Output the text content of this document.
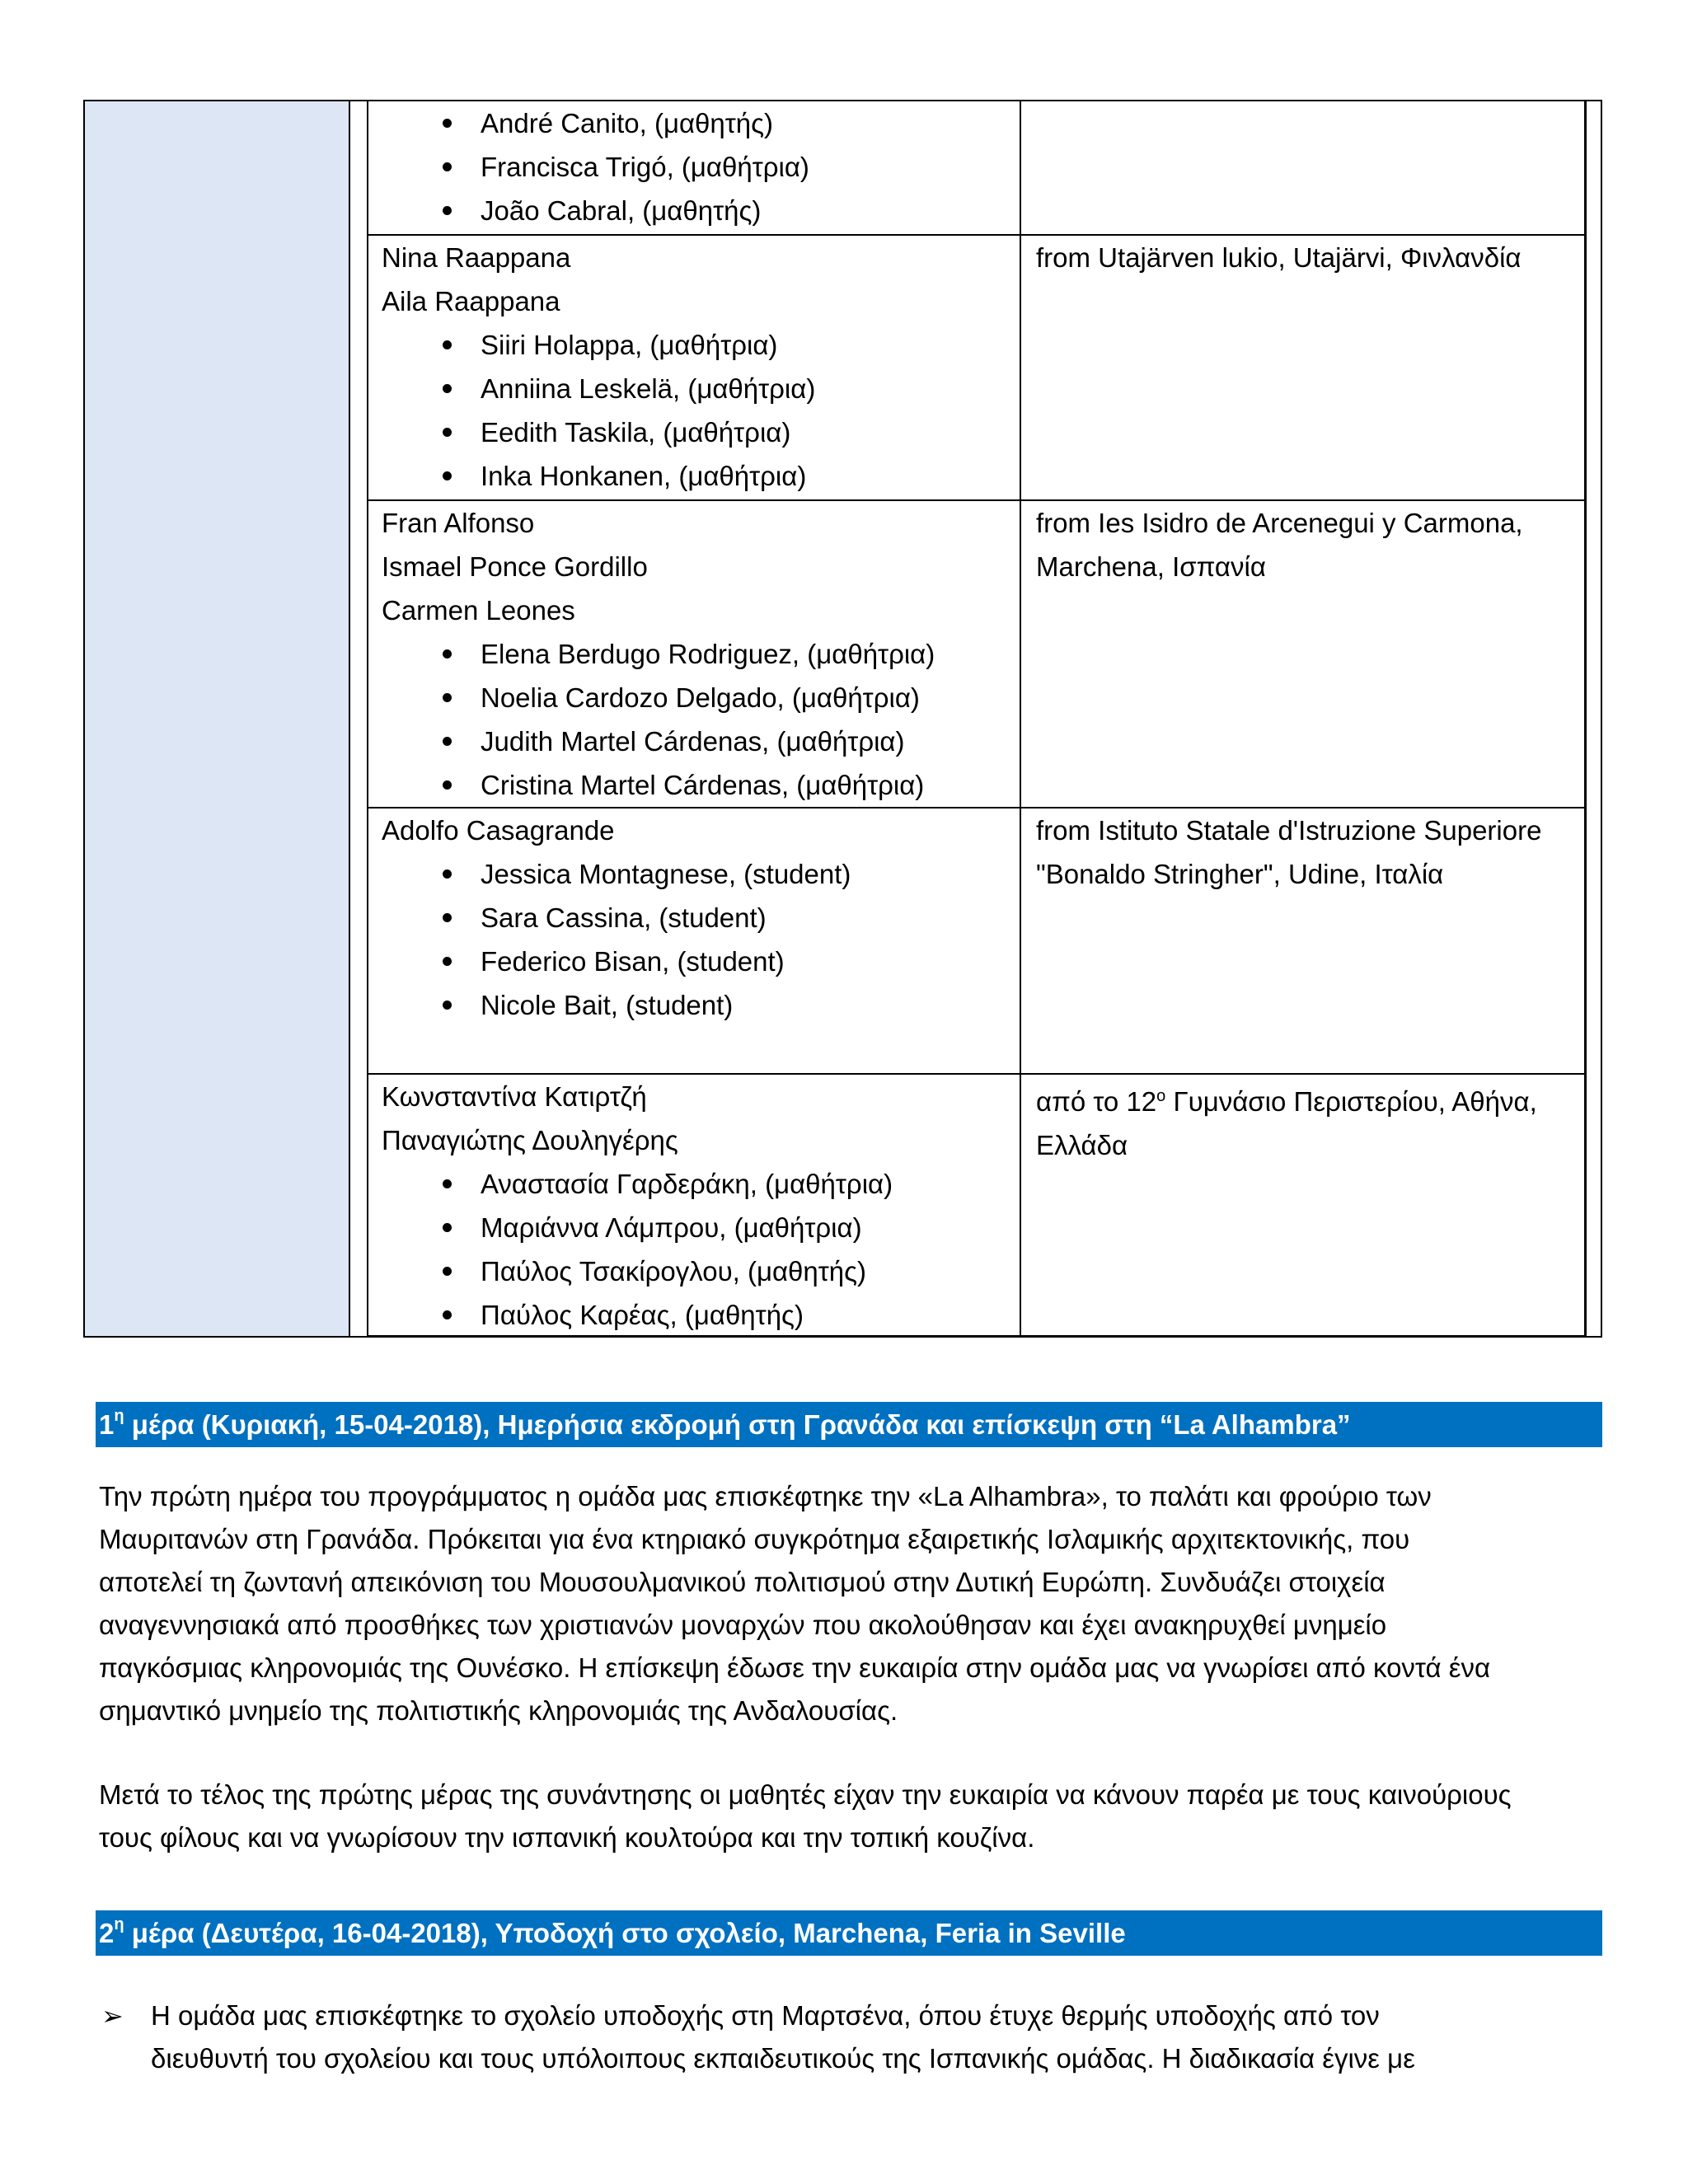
André Canito, (μαθητής)
Francisca Trigó, (μαθήτρια)
João Cabral, (μαθητής)
Nina Raappana
Aila Raappana
Siiri Holappa, (μαθήτρια)
Anniina Leskelä, (μαθήτρια)
Eedith Taskila, (μαθήτρια)
Inka Honkanen, (μαθήτρια)
from Utajärven lukio, Utajärvi, Φινλανδία
Fran Alfonso
Ismael Ponce Gordillo
Carmen Leones
Elena Berdugo Rodriguez, (μαθήτρια)
Noelia Cardozo Delgado, (μαθήτρια)
Judith Martel Cárdenas, (μαθήτρια)
Cristina Martel Cárdenas, (μαθήτρια)
from Ies Isidro de Arcenegui y Carmona,
Marchena, Ισπανία
Adolfo Casagrande
Jessica Montagnese, (student)
Sara Cassina, (student)
Federico Bisan, (student)
Nicole Bait, (student)
from Istituto Statale d'Istruzione Superiore
"Bonaldo Stringher", Udine, Ιταλία
Κωνσταντίνα Κατιρτζή
Παναγιώτης Δουληγέρης
Αναστασία Γαρδεράκη, (μαθήτρια)
Μαριάννα Λάμπρου, (μαθήτρια)
Παύλος Τσακίρογλου, (μαθητής)
Παύλος Καρέας, (μαθητής)
από το $12^o$ Γυμνάσιο Περιστερίου, Αθήνα,
Ελλάδα
$1^\eta$ μέρα (Κυριακή, 15-04-2018), Ημερήσια εκδρομή στη Γρανάδα και επίσκεψη στη “La Alhambra”
Την πρώτη ημέρα του προγράμματος η ομάδα μας επισκέφτηκε την «La Alhambra», το παλάτι και φρούριο των
Μαυριτανών στη Γρανάδα. Πρόκειται για ένα κτηριακό συγκρότημα εξαιρετικής Ισλαμικής αρχιτεκτονικής, που
αποτελεί τη ζωντανή απεικόνιση του Μουσουλμανικού πολιτισμού στην Δυτική Ευρώπη. Συνδυάζει στοιχεία
αναγεννησιακά από προσθήκες των χριστιανών μοναρχών που ακολούθησαν και έχει ανακηρυχθεί μνημείο
παγκόσμιας κληρονομιάς της Ουνέσκο. Η επίσκεψη έδωσε την ευκαιρία στην ομάδα μας να γνωρίσει από κοντά ένα
σημαντικό μνημείο της πολιτιστικής κληρονομιάς της Ανδαλουσίας.
Μετά το τέλος της πρώτης μέρας της συνάντησης οι μαθητές είχαν την ευκαιρία να κάνουν παρέα με τους καινούριους
τους φίλους και να γνωρίσουν την ισπανική κουλτούρα και την τοπική κουζίνα.
$2^\eta$ μέρα (Δευτέρα, 16-04-2018), Υποδοχή στο σχολείο, Marchena, Feria in Seville
➢ Η ομάδα μας επισκέφτηκε το σχολείο υποδοχής στη Μαρτσένα, όπου έτυχε θερμής υποδοχής από τον
διευθυντή του σχολείου και τους υπόλοιπους εκπαιδευτικούς της Ισπανικής ομάδας. Η διαδικασία έγινε με
